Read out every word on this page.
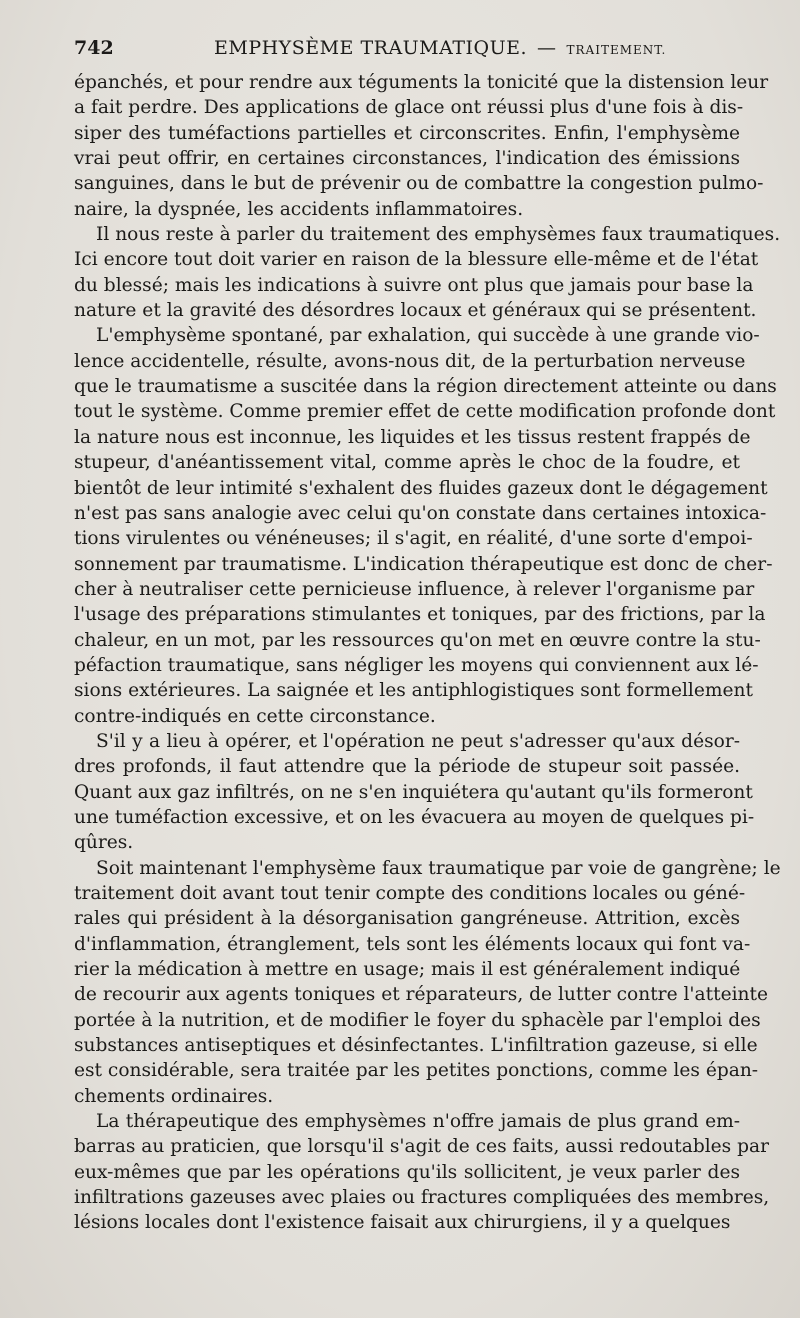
742	EMPHYSÈME TRAUMATIQUE. — TRAITEMENT.
épanchés, et pour rendre aux téguments la tonicité que la distension leur
a fait perdre. Des applications de glace ont réussi plus d'une fois à dis-
siper des tuméfactions partielles et circonscrites. Enfin, l'emphysème
vrai peut offrir, en certaines circonstances, l'indication des émissions
sanguines, dans le but de prévenir ou de combattre la congestion pulmo-
naire, la dyspnée, les accidents inflammatoires.
Il nous reste à parler du traitement des emphysèmes faux traumatiques.
Ici encore tout doit varier en raison de la blessure elle-même et de l'état
du blessé; mais les indications à suivre ont plus que jamais pour base la
nature et la gravité des désordres locaux et généraux qui se présentent.
L'emphysème spontané, par exhalation, qui succède à une grande vio-
lence accidentelle, résulte, avons-nous dit, de la perturbation nerveuse
que le traumatisme a suscitée dans la région directement atteinte ou dans
tout le système. Comme premier effet de cette modification profonde dont
la nature nous est inconnue, les liquides et les tissus restent frappés de
stupeur, d'anéantissement vital, comme après le choc de la foudre, et
bientôt de leur intimité s'exhalent des fluides gazeux dont le dégagement
n'est pas sans analogie avec celui qu'on constate dans certaines intoxica-
tions virulentes ou vénéneuses; il s'agit, en réalité, d'une sorte d'empoi-
sonnement par traumatisme. L'indication thérapeutique est donc de cher-
cher à neutraliser cette pernicieuse influence, à relever l'organisme par
l'usage des préparations stimulantes et toniques, par des frictions, par la
chaleur, en un mot, par les ressources qu'on met en œuvre contre la stu-
péfaction traumatique, sans négliger les moyens qui conviennent aux lé-
sions extérieures. La saignée et les antiphlogistiques sont formellement
contre-indiqués en cette circonstance.
S'il y a lieu à opérer, et l'opération ne peut s'adresser qu'aux désor-
dres profonds, il faut attendre que la période de stupeur soit passée.
Quant aux gaz infiltrés, on ne s'en inquiétera qu'autant qu'ils formeront
une tuméfaction excessive, et on les évacuera au moyen de quelques pi-
qûres.
Soit maintenant l'emphysème faux traumatique par voie de gangrène; le
traitement doit avant tout tenir compte des conditions locales ou géné-
rales qui président à la désorganisation gangréneuse. Attrition, excès
d'inflammation, étranglement, tels sont les éléments locaux qui font va-
rier la médication à mettre en usage; mais il est généralement indiqué
de recourir aux agents toniques et réparateurs, de lutter contre l'atteinte
portée à la nutrition, et de modifier le foyer du sphacèle par l'emploi des
substances antiseptiques et désinfectantes. L'infiltration gazeuse, si elle
est considérable, sera traitée par les petites ponctions, comme les épan-
chements ordinaires.
La thérapeutique des emphysèmes n'offre jamais de plus grand em-
barras au praticien, que lorsqu'il s'agit de ces faits, aussi redoutables par
eux-mêmes que par les opérations qu'ils sollicitent, je veux parler des
infiltrations gazeuses avec plaies ou fractures compliquées des membres,
lésions locales dont l'existence faisait aux chirurgiens, il y a quelques
